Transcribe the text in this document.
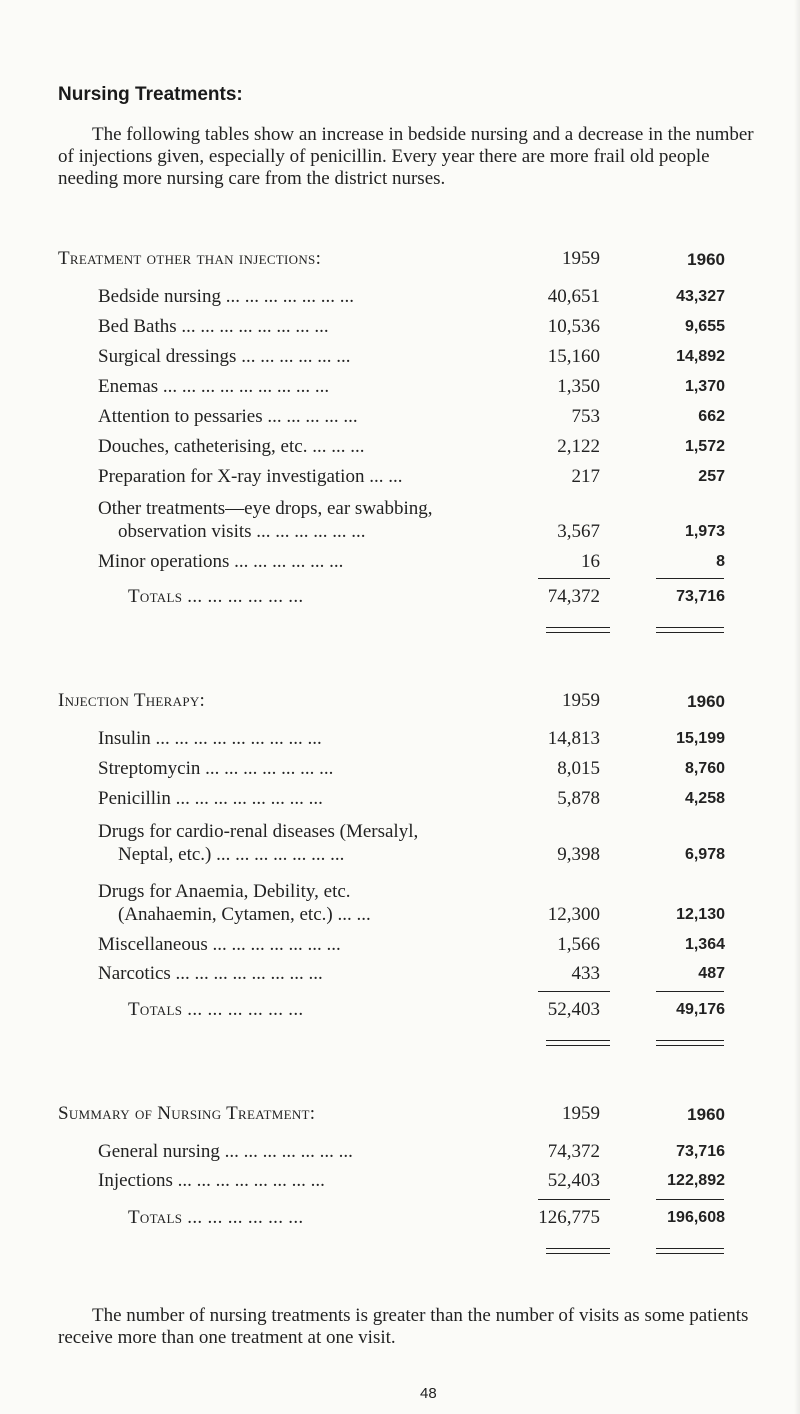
Nursing Treatments:
The following tables show an increase in bedside nursing and a decrease in the number of injections given, especially of penicillin. Every year there are more frail old people needing more nursing care from the district nurses.
Treatment other than injections:	1959	1960
Bedside nursing ... ... ... ... ... ... ...	40,651	43,327
Bed Baths ... ... ... ... ... ... ... ...	10,536	9,655
Surgical dressings ... ... ... ... ... ...	15,160	14,892
Enemas ... ... ... ... ... ... ... ... ...	1,350	1,370
Attention to pessaries ... ... ... ... ...	753	662
Douches, catheterising, etc. ... ... ...	2,122	1,572
Preparation for X-ray investigation ... ...	217	257
Other treatments—eye drops, ear swabbing,
observation visits ... ... ... ... ... ...	3,567	1,973
Minor operations ... ... ... ... ... ...	16	8
Totals ... ... ... ... ... ...	74,372	73,716
Injection Therapy:	1959	1960
Insulin ... ... ... ... ... ... ... ... ...	14,813	15,199
Streptomycin ... ... ... ... ... ... ...	8,015	8,760
Penicillin ... ... ... ... ... ... ... ...	5,878	4,258
Drugs for cardio-renal diseases (Mersalyl,
Neptal, etc.) ... ... ... ... ... ... ...	9,398	6,978
Drugs for Anaemia, Debility, etc.
(Anahaemin, Cytamen, etc.) ... ...	12,300	12,130
Miscellaneous ... ... ... ... ... ... ...	1,566	1,364
Narcotics ... ... ... ... ... ... ... ...	433	487
Totals ... ... ... ... ... ...	52,403	49,176
Summary of Nursing Treatment:	1959	1960
General nursing ... ... ... ... ... ... ...	74,372	73,716
Injections ... ... ... ... ... ... ... ...	52,403	122,892
Totals ... ... ... ... ... ...	126,775	196,608
The number of nursing treatments is greater than the number of visits as some patients receive more than one treatment at one visit.
48
